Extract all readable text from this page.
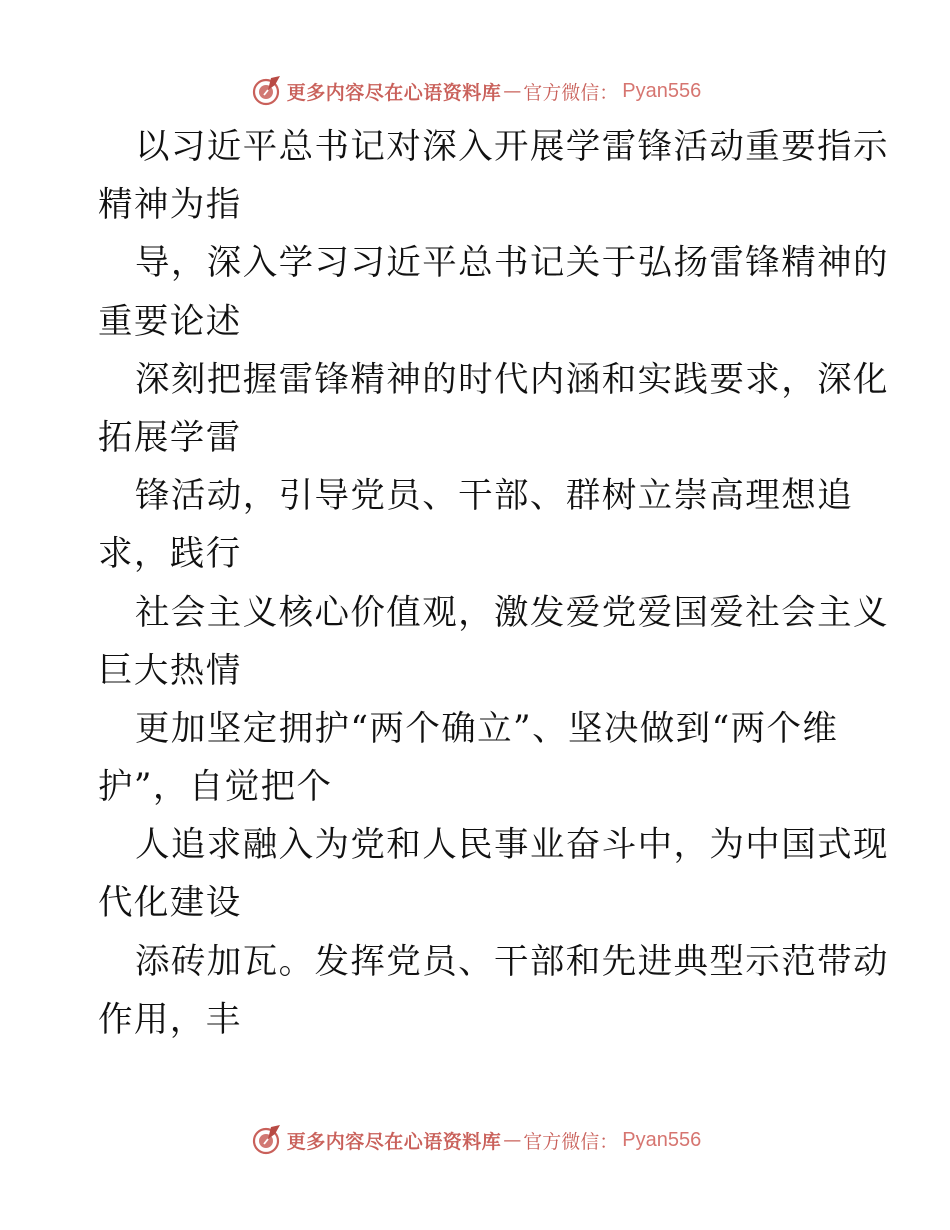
更多内容尽在心语资料库 — 官方微信： Pyan556
以习近平总书记对深入开展学雷锋活动重要指示
精神为指
导，深入学习习近平总书记关于弘扬雷锋精神的
重要论述
深刻把握雷锋精神的时代内涵和实践要求，深化
拓展学雷
锋活动，引导党员、干部、群树立崇高理想追
求，践行
社会主义核心价值观，激发爱党爱国爱社会主义
巨大热情
更加坚定拥护“两个确立”、坚决做到“两个维
护”，自觉把个
人追求融入为党和人民事业奋斗中，为中国式现
代化建设
添砖加瓦。发挥党员、干部和先进典型示范带动
作用，丰
更多内容尽在心语资料库 — 官方微信： Pyan556
